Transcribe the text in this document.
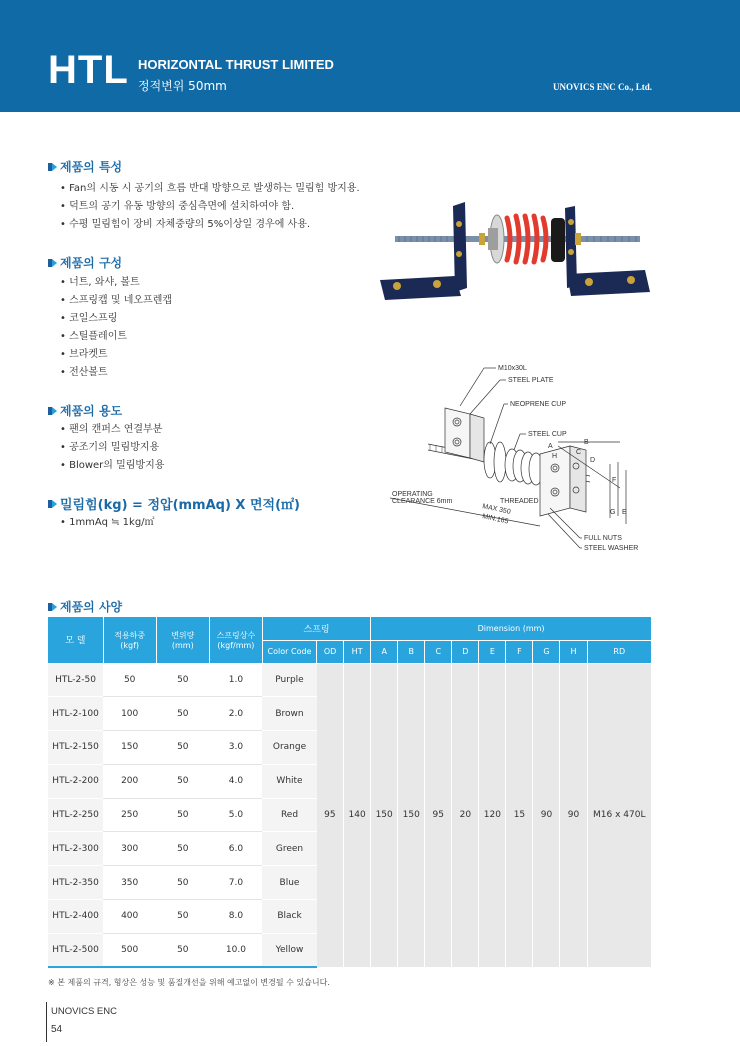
HTL HORIZONTAL THRUST LIMITED
정적변위 50mm	UNOVICS ENC Co., Ltd.
제품의 특성
• Fan의 시동 시 공기의 흐름 반대 방향으로 발생하는 밀림힘 방지용.
• 덕트의 공기 유동 방향의 중심측면에 설치하여야 함.
• 수평 밀림힘이 장비 자체중량의 5%이상일 경우에 사용.
제품의 구성
• 너트, 와샤, 볼트
• 스프링캡 및 네오프렌캡
• 코일스프링
• 스틸플레이트
• 브라켓트
• 전산볼트
제품의 용도
• 팬의 캔퍼스 연결부분
• 공조기의 밀림방지용
• Blower의 밀림방지용
밀림힘(kg) = 정압(mmAq) X 면적(㎡)
• 1mmAq ≒ 1kg/㎡
M10x30L
STEEL PLATE
NEOPRENE CUP
STEEL CUP
A
B
H
C
D
F
G E
OPERATING
CLEARANCE 6mm	THREADED
MAX 350
MIN.165
FULL NUTS
STEEL WASHER
제품의 사양
모 델	적용하중
(kgf)	변위량
(mm)	스프링상수
(kgf/mm)	스프링			Dimension (mm)								
				Color Code	OD	HT	A	B	C	D	E	F	G	H	RD
HTL-2-50	50	50	1.0	Purple	95	140	150	150	95	20	120	15	90	90	M16 x 470L
HTL-2-100	100	50	2.0	Brown											
HTL-2-150	150	50	3.0	Orange											
HTL-2-200	200	50	4.0	White											
HTL-2-250	250	50	5.0	Red											
HTL-2-300	300	50	6.0	Green											
HTL-2-350	350	50	7.0	Blue											
HTL-2-400	400	50	8.0	Black											
HTL-2-500	500	50	10.0	Yellow											
※ 본 제품의 규격, 형상은 성능 및 품질개선을 위해 예고없이 변경될 수 있습니다.
UNOVICS ENC
54
